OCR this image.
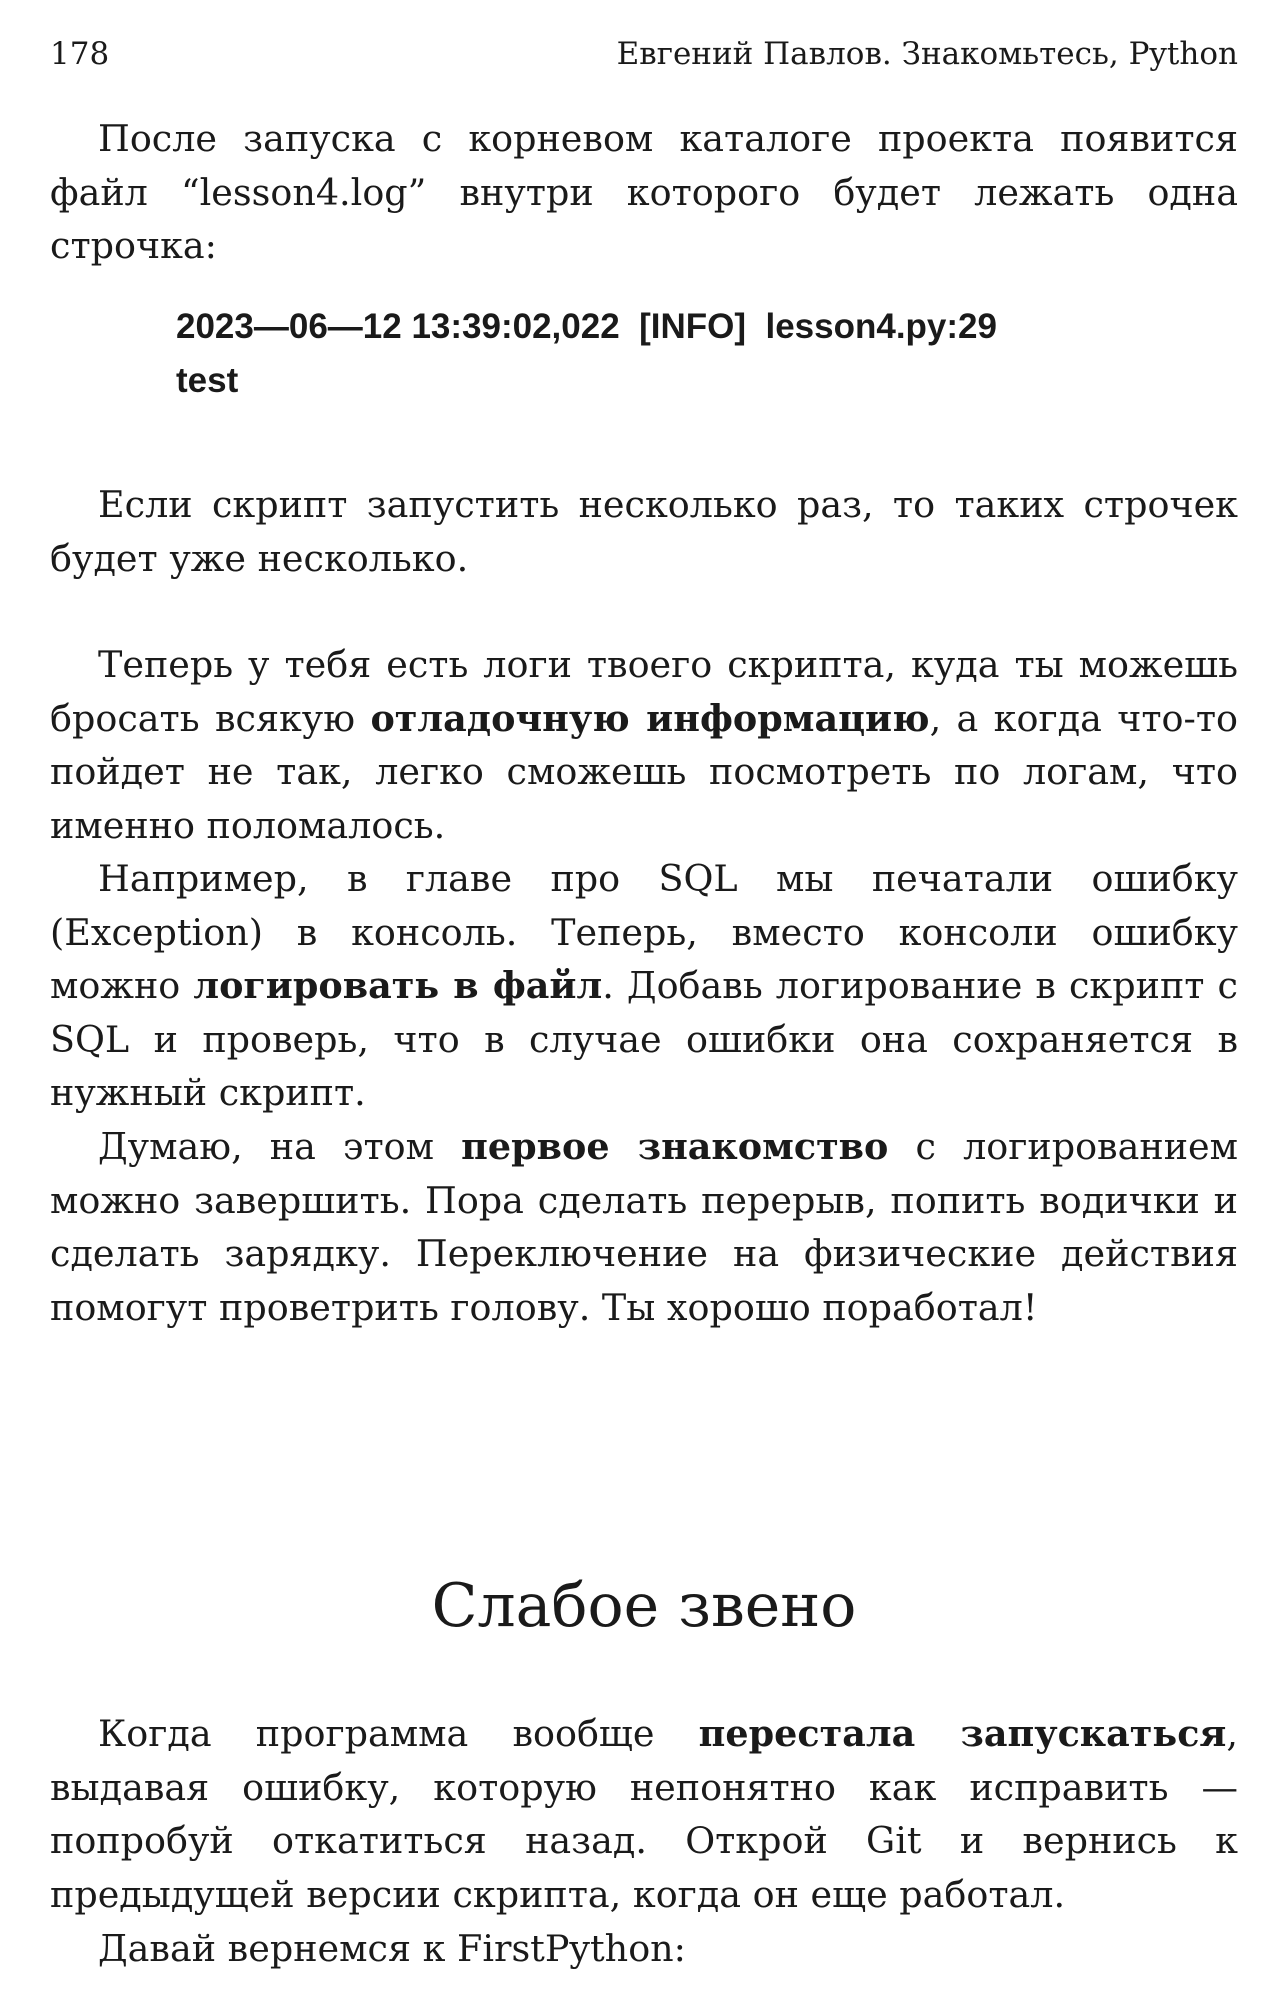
178	Евгений Павлов. Знакомьтесь, Python

После запуска с корневом каталоге проекта появится файл “lesson4.log” внутри которого будет лежать одна строчка:

2023—06—12 13:39:02,022  [INFO]  lesson4.py:29
test

Если скрипт запустить несколько раз, то таких строчек будет уже несколько.

Теперь у тебя есть логи твоего скрипта, куда ты можешь бросать всякую отладочную информацию, а когда что-то пойдет не так, легко сможешь посмотреть по логам, что именно поломалось.

Например, в главе про SQL мы печатали ошибку (Exception) в консоль. Теперь, вместо консоли ошибку можно логировать в файл. Добавь логирование в скрипт с SQL и проверь, что в случае ошибки она сохраняется в нужный скрипт.

Думаю, на этом первое знакомство с логированием можно завершить. Пора сделать перерыв, попить водички и сделать зарядку. Переключение на физические действия помогут проветрить голову. Ты хорошо поработал!

Слабое звено

Когда программа вообще перестала запускаться, выдавая ошибку, которую непонятно как исправить — попробуй откатиться назад. Открой Git и вернись к предыдущей версии скрипта, когда он еще работал.

Давай вернемся к FirstPython:
